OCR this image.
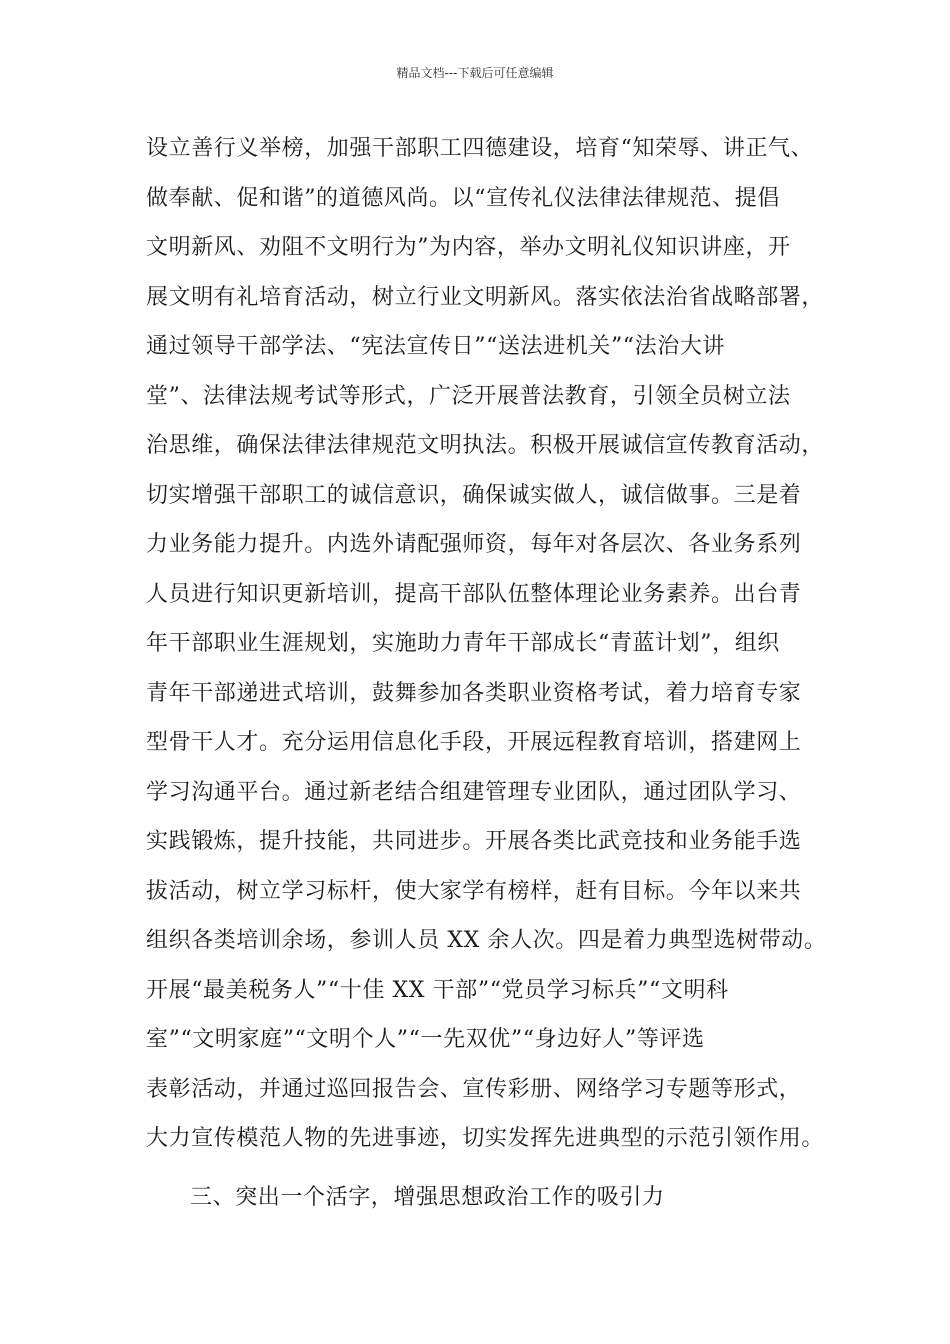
精品文档---下载后可任意编辑
设立善行义举榜，加强干部职工四德建设，培育“知荣辱、讲正气、
做奉献、促和谐”的道德风尚。以“宣传礼仪法律法律规范、提倡
文明新风、劝阻不文明行为”为内容，举办文明礼仪知识讲座，开
展文明有礼培育活动，树立行业文明新风。落实依法治省战略部署，
通过领导干部学法、“宪法宣传日”“送法进机关”“法治大讲
堂”、法律法规考试等形式，广泛开展普法教育，引领全员树立法
治思维，确保法律法律规范文明执法。积极开展诚信宣传教育活动，
切实增强干部职工的诚信意识，确保诚实做人，诚信做事。三是着
力业务能力提升。内选外请配强师资，每年对各层次、各业务系列
人员进行知识更新培训，提高干部队伍整体理论业务素养。出台青
年干部职业生涯规划，实施助力青年干部成长“青蓝计划”，组织
青年干部递进式培训，鼓舞参加各类职业资格考试，着力培育专家
型骨干人才。充分运用信息化手段，开展远程教育培训，搭建网上
学习沟通平台。通过新老结合组建管理专业团队，通过团队学习、
实践锻炼，提升技能，共同进步。开展各类比武竞技和业务能手选
拔活动，树立学习标杆，使大家学有榜样，赶有目标。今年以来共
组织各类培训余场，参训人员 XX 余人次。四是着力典型选树带动。
开展“最美税务人”“十佳 XX 干部”“党员学习标兵”“文明科
室”“文明家庭”“文明个人”“一先双优”“身边好人”等评选
表彰活动，并通过巡回报告会、宣传彩册、网络学习专题等形式，
大力宣传模范人物的先进事迹，切实发挥先进典型的示范引领作用。
三、突出一个活字，增强思想政治工作的吸引力
